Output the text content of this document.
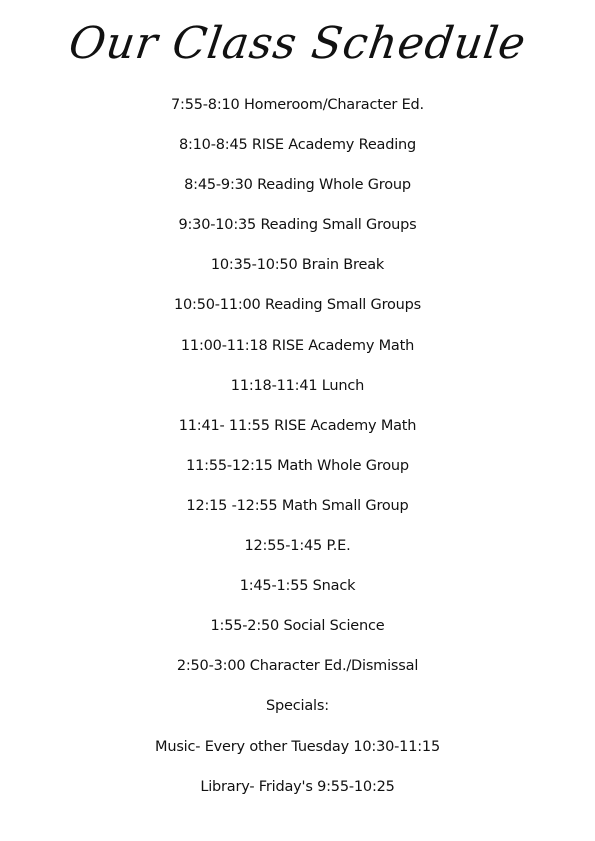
Our Class Schedule
7:55-8:10 Homeroom/Character Ed.
8:10-8:45 RISE Academy Reading
8:45-9:30 Reading Whole Group
9:30-10:35 Reading Small Groups
10:35-10:50 Brain Break
10:50-11:00 Reading Small Groups
11:00-11:18 RISE Academy Math
11:18-11:41 Lunch
11:41- 11:55 RISE Academy Math
11:55-12:15 Math Whole Group
12:15 -12:55 Math Small Group
12:55-1:45 P.E.
1:45-1:55 Snack
1:55-2:50 Social Science
2:50-3:00 Character Ed./Dismissal
Specials:
Music- Every other Tuesday 10:30-11:15
Library- Friday's 9:55-10:25
